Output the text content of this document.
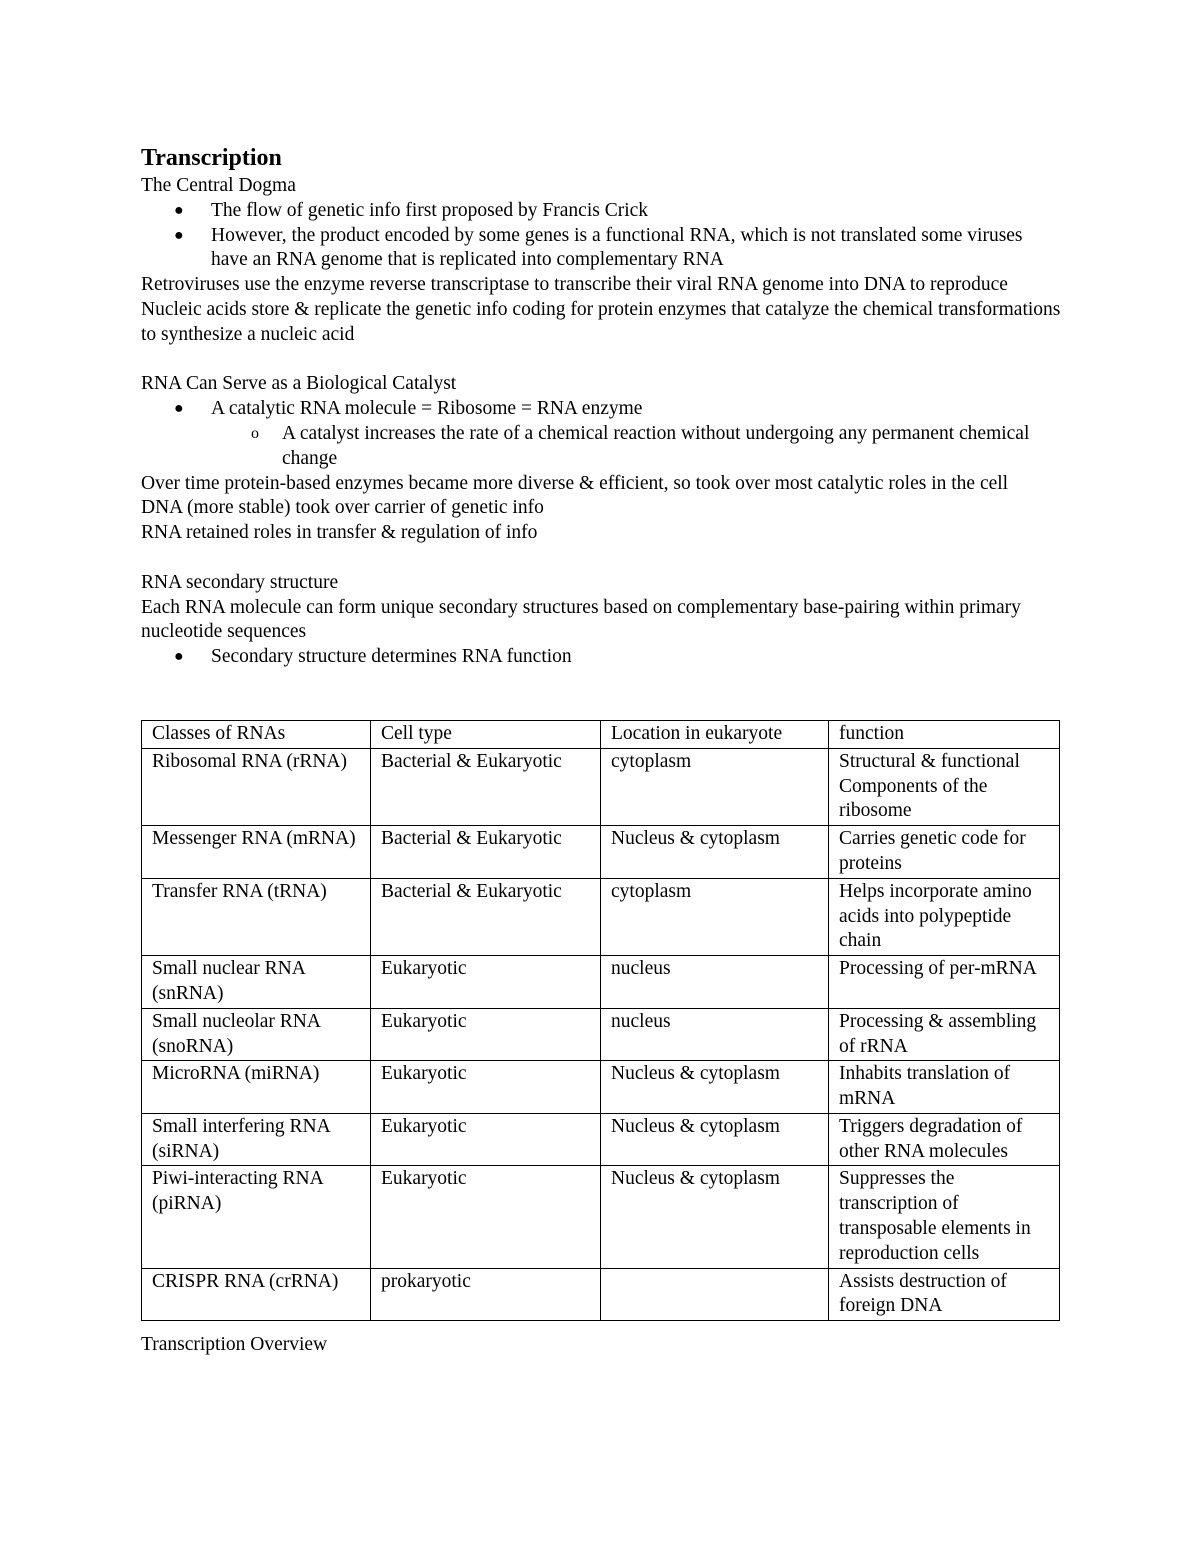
Transcription

The Central Dogma

● The flow of genetic info first proposed by Francis Crick
● However, the product encoded by some genes is a functional RNA, which is not translated some viruses have an RNA genome that is replicated into complementary RNA

Retroviruses use the enzyme reverse transcriptase to transcribe their viral RNA genome into DNA to reproduce

Nucleic acids store & replicate the genetic info coding for protein enzymes that catalyze the chemical transformations to synthesize a nucleic acid

RNA Can Serve as a Biological Catalyst

● A catalytic RNA molecule = Ribosome = RNA enzyme
o A catalyst increases the rate of a chemical reaction without undergoing any permanent chemical change

Over time protein-based enzymes became more diverse & efficient, so took over most catalytic roles in the cell

DNA (more stable) took over carrier of genetic info

RNA retained roles in transfer & regulation of info

RNA secondary structure

Each RNA molecule can form unique secondary structures based on complementary base-pairing within primary nucleotide sequences

● Secondary structure determines RNA function
Classes of RNAs	Cell type	Location in eukaryote	function
Ribosomal RNA (rRNA)	Bacterial & Eukaryotic	cytoplasm	Structural & functional Components of the ribosome
Messenger RNA (mRNA)	Bacterial & Eukaryotic	Nucleus & cytoplasm	Carries genetic code for proteins
Transfer RNA (tRNA)	Bacterial & Eukaryotic	cytoplasm	Helps incorporate amino acids into polypeptide chain
Small nuclear RNA (snRNA)	Eukaryotic	nucleus	Processing of per-mRNA
Small nucleolar RNA (snoRNA)	Eukaryotic	nucleus	Processing & assembling of rRNA
MicroRNA (miRNA)	Eukaryotic	Nucleus & cytoplasm	Inhabits translation of mRNA
Small interfering RNA (siRNA)	Eukaryotic	Nucleus & cytoplasm	Triggers degradation of other RNA molecules
Piwi-interacting RNA (piRNA)	Eukaryotic	Nucleus & cytoplasm	Suppresses the transcription of transposable elements in reproduction cells
CRISPR RNA (crRNA)	prokaryotic		Assists destruction of foreign DNA

Transcription Overview
